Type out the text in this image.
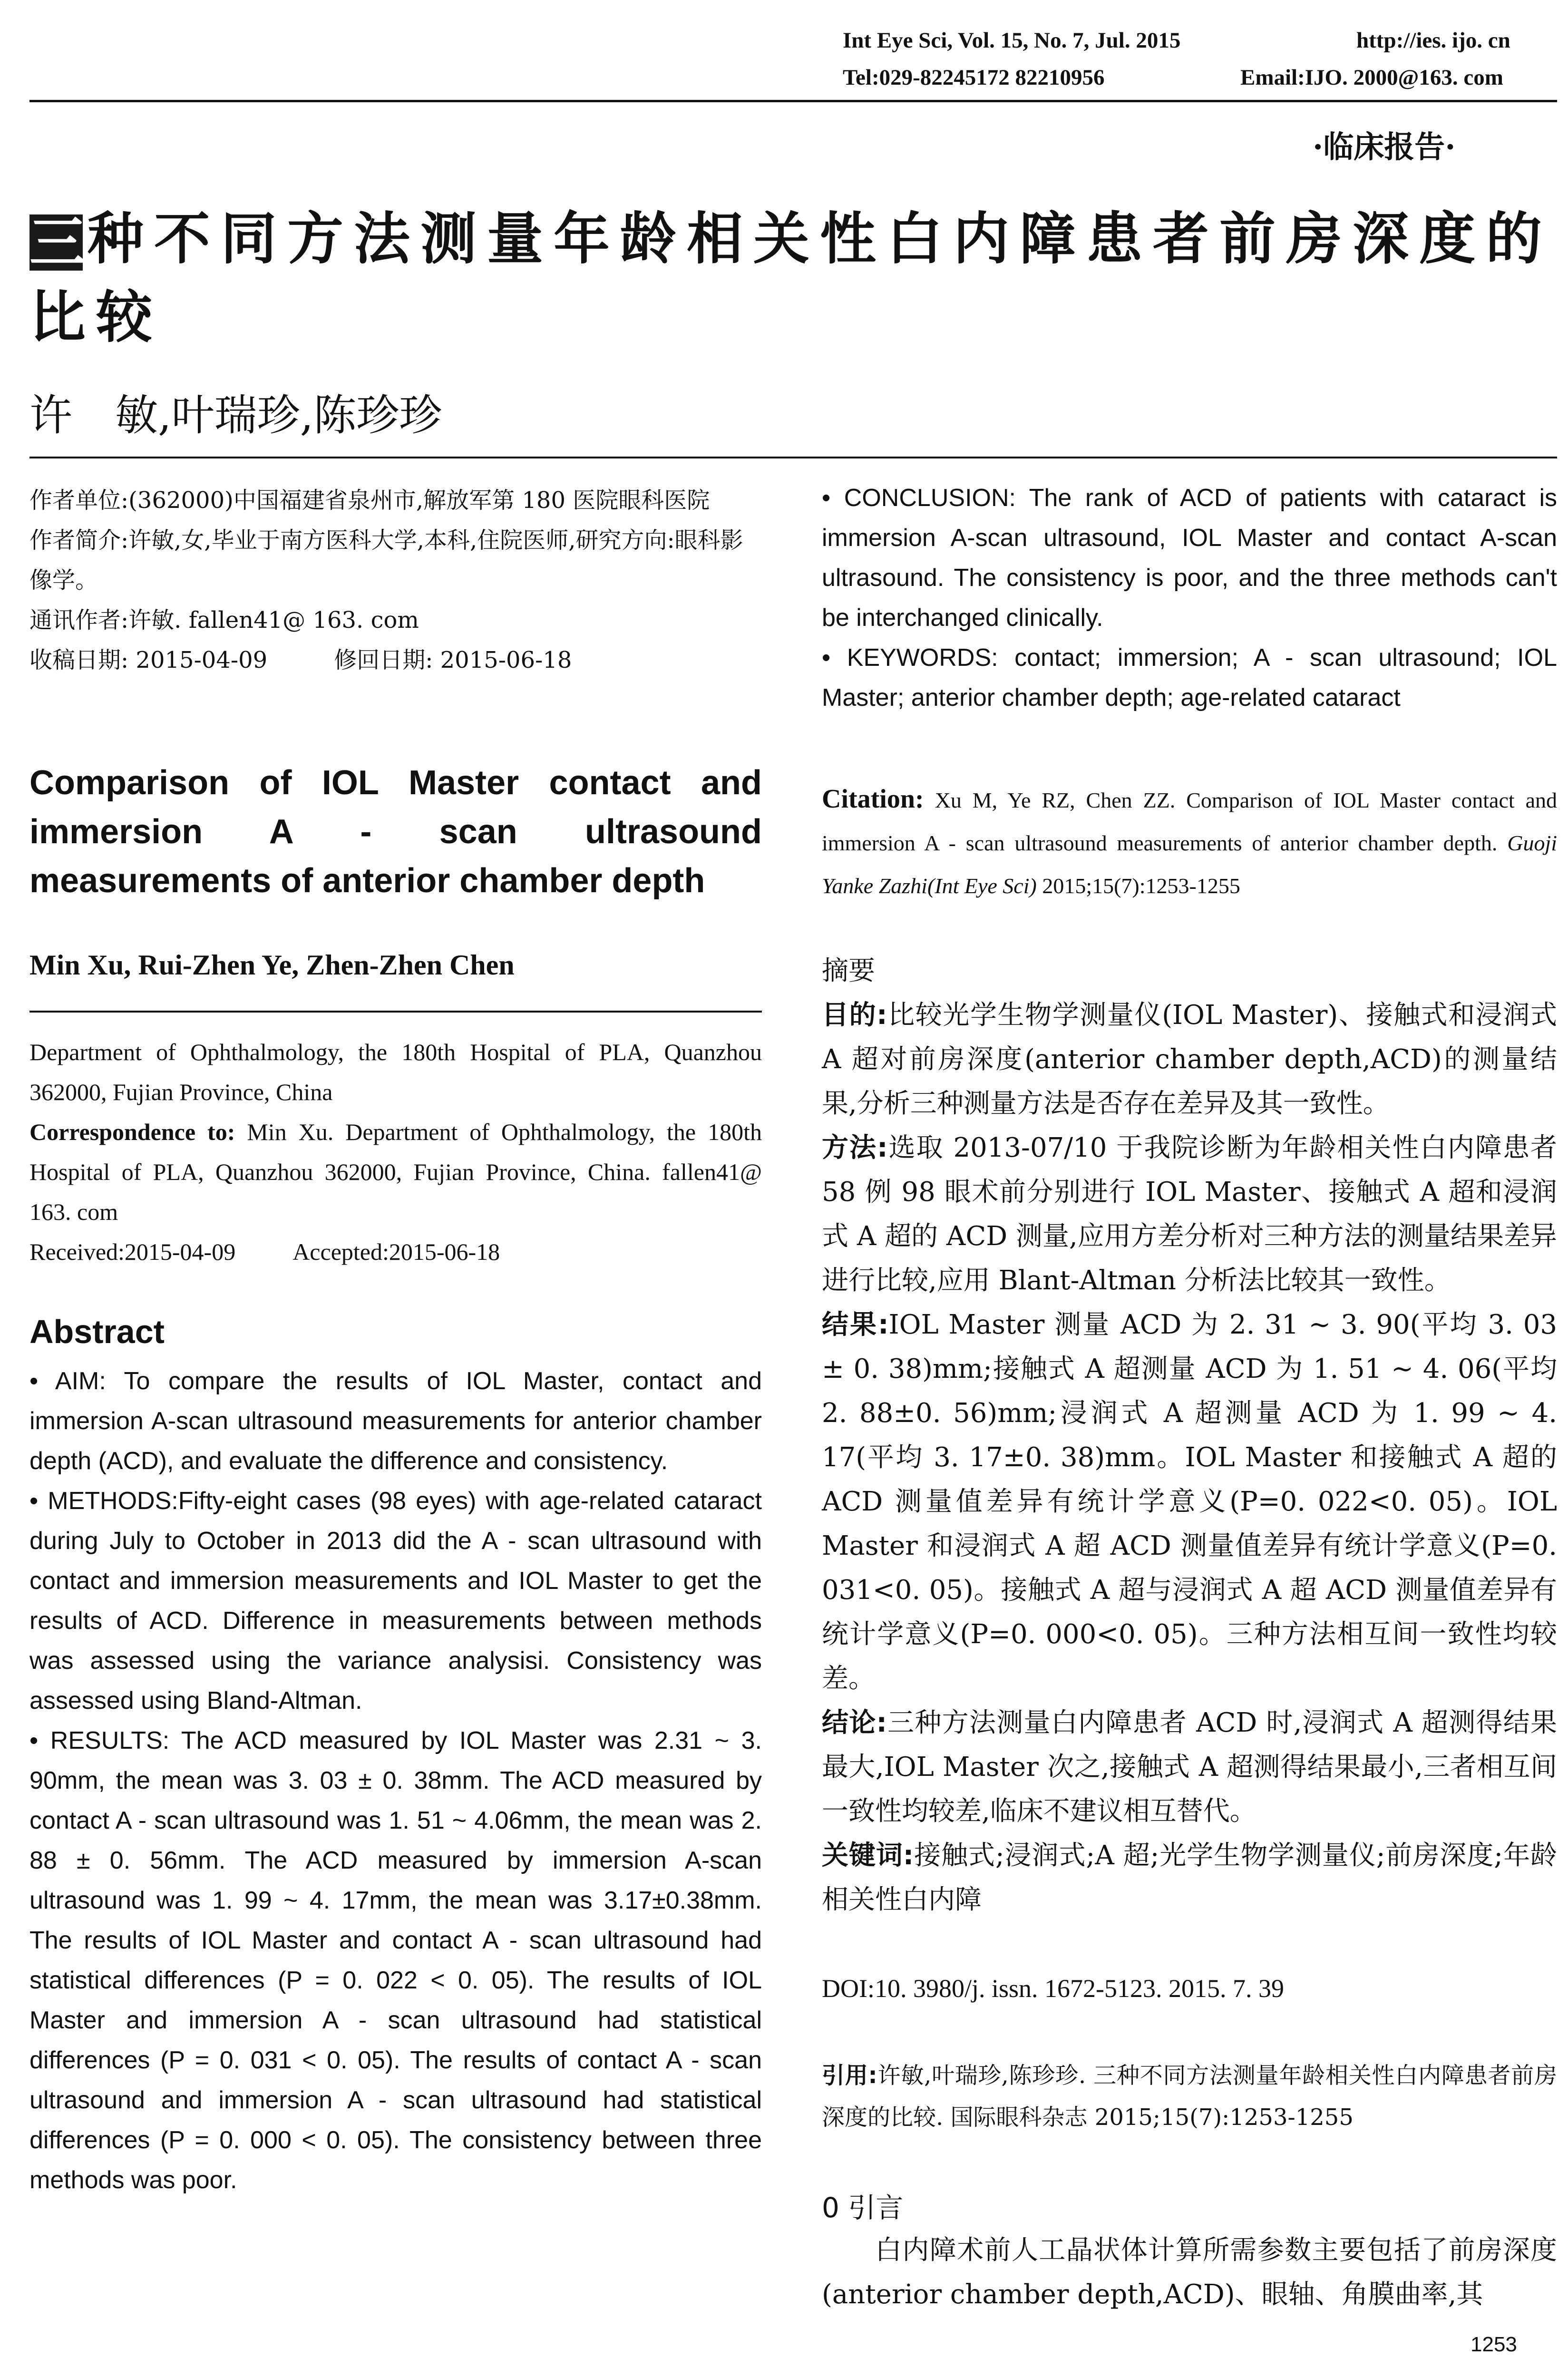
Int Eye Sci, Vol. 15, No. 7, Jul. 2015	http://ies. ijo. cn
Tel:029-82245172 82210956	Email:IJO. 2000@163. com
·临床报告·
三种不同方法测量年龄相关性白内障患者前房深度的比较
许　敏,叶瑞珍,陈珍珍

作者单位:(362000)中国福建省泉州市,解放军第 180 医院眼科医院

作者简介:许敏,女,毕业于南方医科大学,本科,住院医师,研究方向:眼科影像学。

通讯作者:许敏. fallen41@ 163. com

收稿日期: 2015-04-09	修回日期: 2015-06-18

Comparison of IOL Master contact and immersion A - scan ultrasound measurements of anterior chamber depth
Min Xu, Rui-Zhen Ye, Zhen-Zhen Chen

Department of Ophthalmology, the 180th Hospital of PLA, Quanzhou 362000, Fujian Province, China

Correspondence to: Min Xu. Department of Ophthalmology, the 180th Hospital of PLA, Quanzhou 362000, Fujian Province, China. fallen41@ 163. com

Received:2015-04-09 Accepted:2015-06-18

Abstract

• AIM: To compare the results of IOL Master, contact and immersion A-scan ultrasound measurements for anterior chamber depth (ACD), and evaluate the difference and consistency.

• METHODS:Fifty-eight cases (98 eyes) with age-related cataract during July to October in 2013 did the A - scan ultrasound with contact and immersion measurements and IOL Master to get the results of ACD. Difference in measurements between methods was assessed using the variance analysisi. Consistency was assessed using Bland-Altman.

• RESULTS: The ACD measured by IOL Master was 2.31 ~ 3. 90mm, the mean was 3. 03 ± 0. 38mm. The ACD measured by contact A - scan ultrasound was 1. 51 ~ 4.06mm, the mean was 2. 88 ± 0. 56mm. The ACD measured by immersion A-scan ultrasound was 1. 99 ~ 4. 17mm, the mean was 3.17±0.38mm. The results of IOL Master and contact A - scan ultrasound had statistical differences (P = 0. 022 < 0. 05). The results of IOL Master and immersion A - scan ultrasound had statistical differences (P = 0. 031 < 0. 05). The results of contact A - scan ultrasound and immersion A - scan ultrasound had statistical differences (P = 0. 000 < 0. 05). The consistency between three methods was poor.

• CONCLUSION: The rank of ACD of patients with cataract is immersion A-scan ultrasound, IOL Master and contact A-scan ultrasound. The consistency is poor, and the three methods can't be interchanged clinically.

• KEYWORDS: contact; immersion; A - scan ultrasound; IOL Master; anterior chamber depth; age-related cataract

Citation: Xu M, Ye RZ, Chen ZZ. Comparison of IOL Master contact and immersion A - scan ultrasound measurements of anterior chamber depth. Guoji Yanke Zazhi(Int Eye Sci) 2015;15(7):1253-1255

摘要

目的:比较光学生物学测量仪(IOL Master)、接触式和浸润式 A 超对前房深度(anterior chamber depth,ACD)的测量结果,分析三种测量方法是否存在差异及其一致性。

方法:选取 2013-07/10 于我院诊断为年龄相关性白内障患者 58 例 98 眼术前分别进行 IOL Master、接触式 A 超和浸润式 A 超的 ACD 测量,应用方差分析对三种方法的测量结果差异进行比较,应用 Blant-Altman 分析法比较其一致性。

结果:IOL Master 测量 ACD 为 2. 31 ~ 3. 90(平均 3. 03 ± 0. 38)mm;接触式 A 超测量 ACD 为 1. 51 ~ 4. 06(平均 2. 88±0. 56)mm;浸润式 A 超测量 ACD 为 1. 99 ~ 4. 17(平均 3. 17±0. 38)mm。IOL Master 和接触式 A 超的 ACD 测量值差异有统计学意义(P=0. 022<0. 05)。IOL Master 和浸润式 A 超 ACD 测量值差异有统计学意义(P=0. 031<0. 05)。接触式 A 超与浸润式 A 超 ACD 测量值差异有统计学意义(P=0. 000<0. 05)。三种方法相互间一致性均较差。

结论:三种方法测量白内障患者 ACD 时,浸润式 A 超测得结果最大,IOL Master 次之,接触式 A 超测得结果最小,三者相互间一致性均较差,临床不建议相互替代。

关键词:接触式;浸润式;A 超;光学生物学测量仪;前房深度;年龄相关性白内障

DOI:10. 3980/j. issn. 1672-5123. 2015. 7. 39
引用:许敏,叶瑞珍,陈珍珍. 三种不同方法测量年龄相关性白内障患者前房深度的比较. 国际眼科杂志 2015;15(7):1253-1255
0 引言

白内障术前人工晶状体计算所需参数主要包括了前房深度(anterior chamber depth,ACD)、眼轴、角膜曲率,其

1253
